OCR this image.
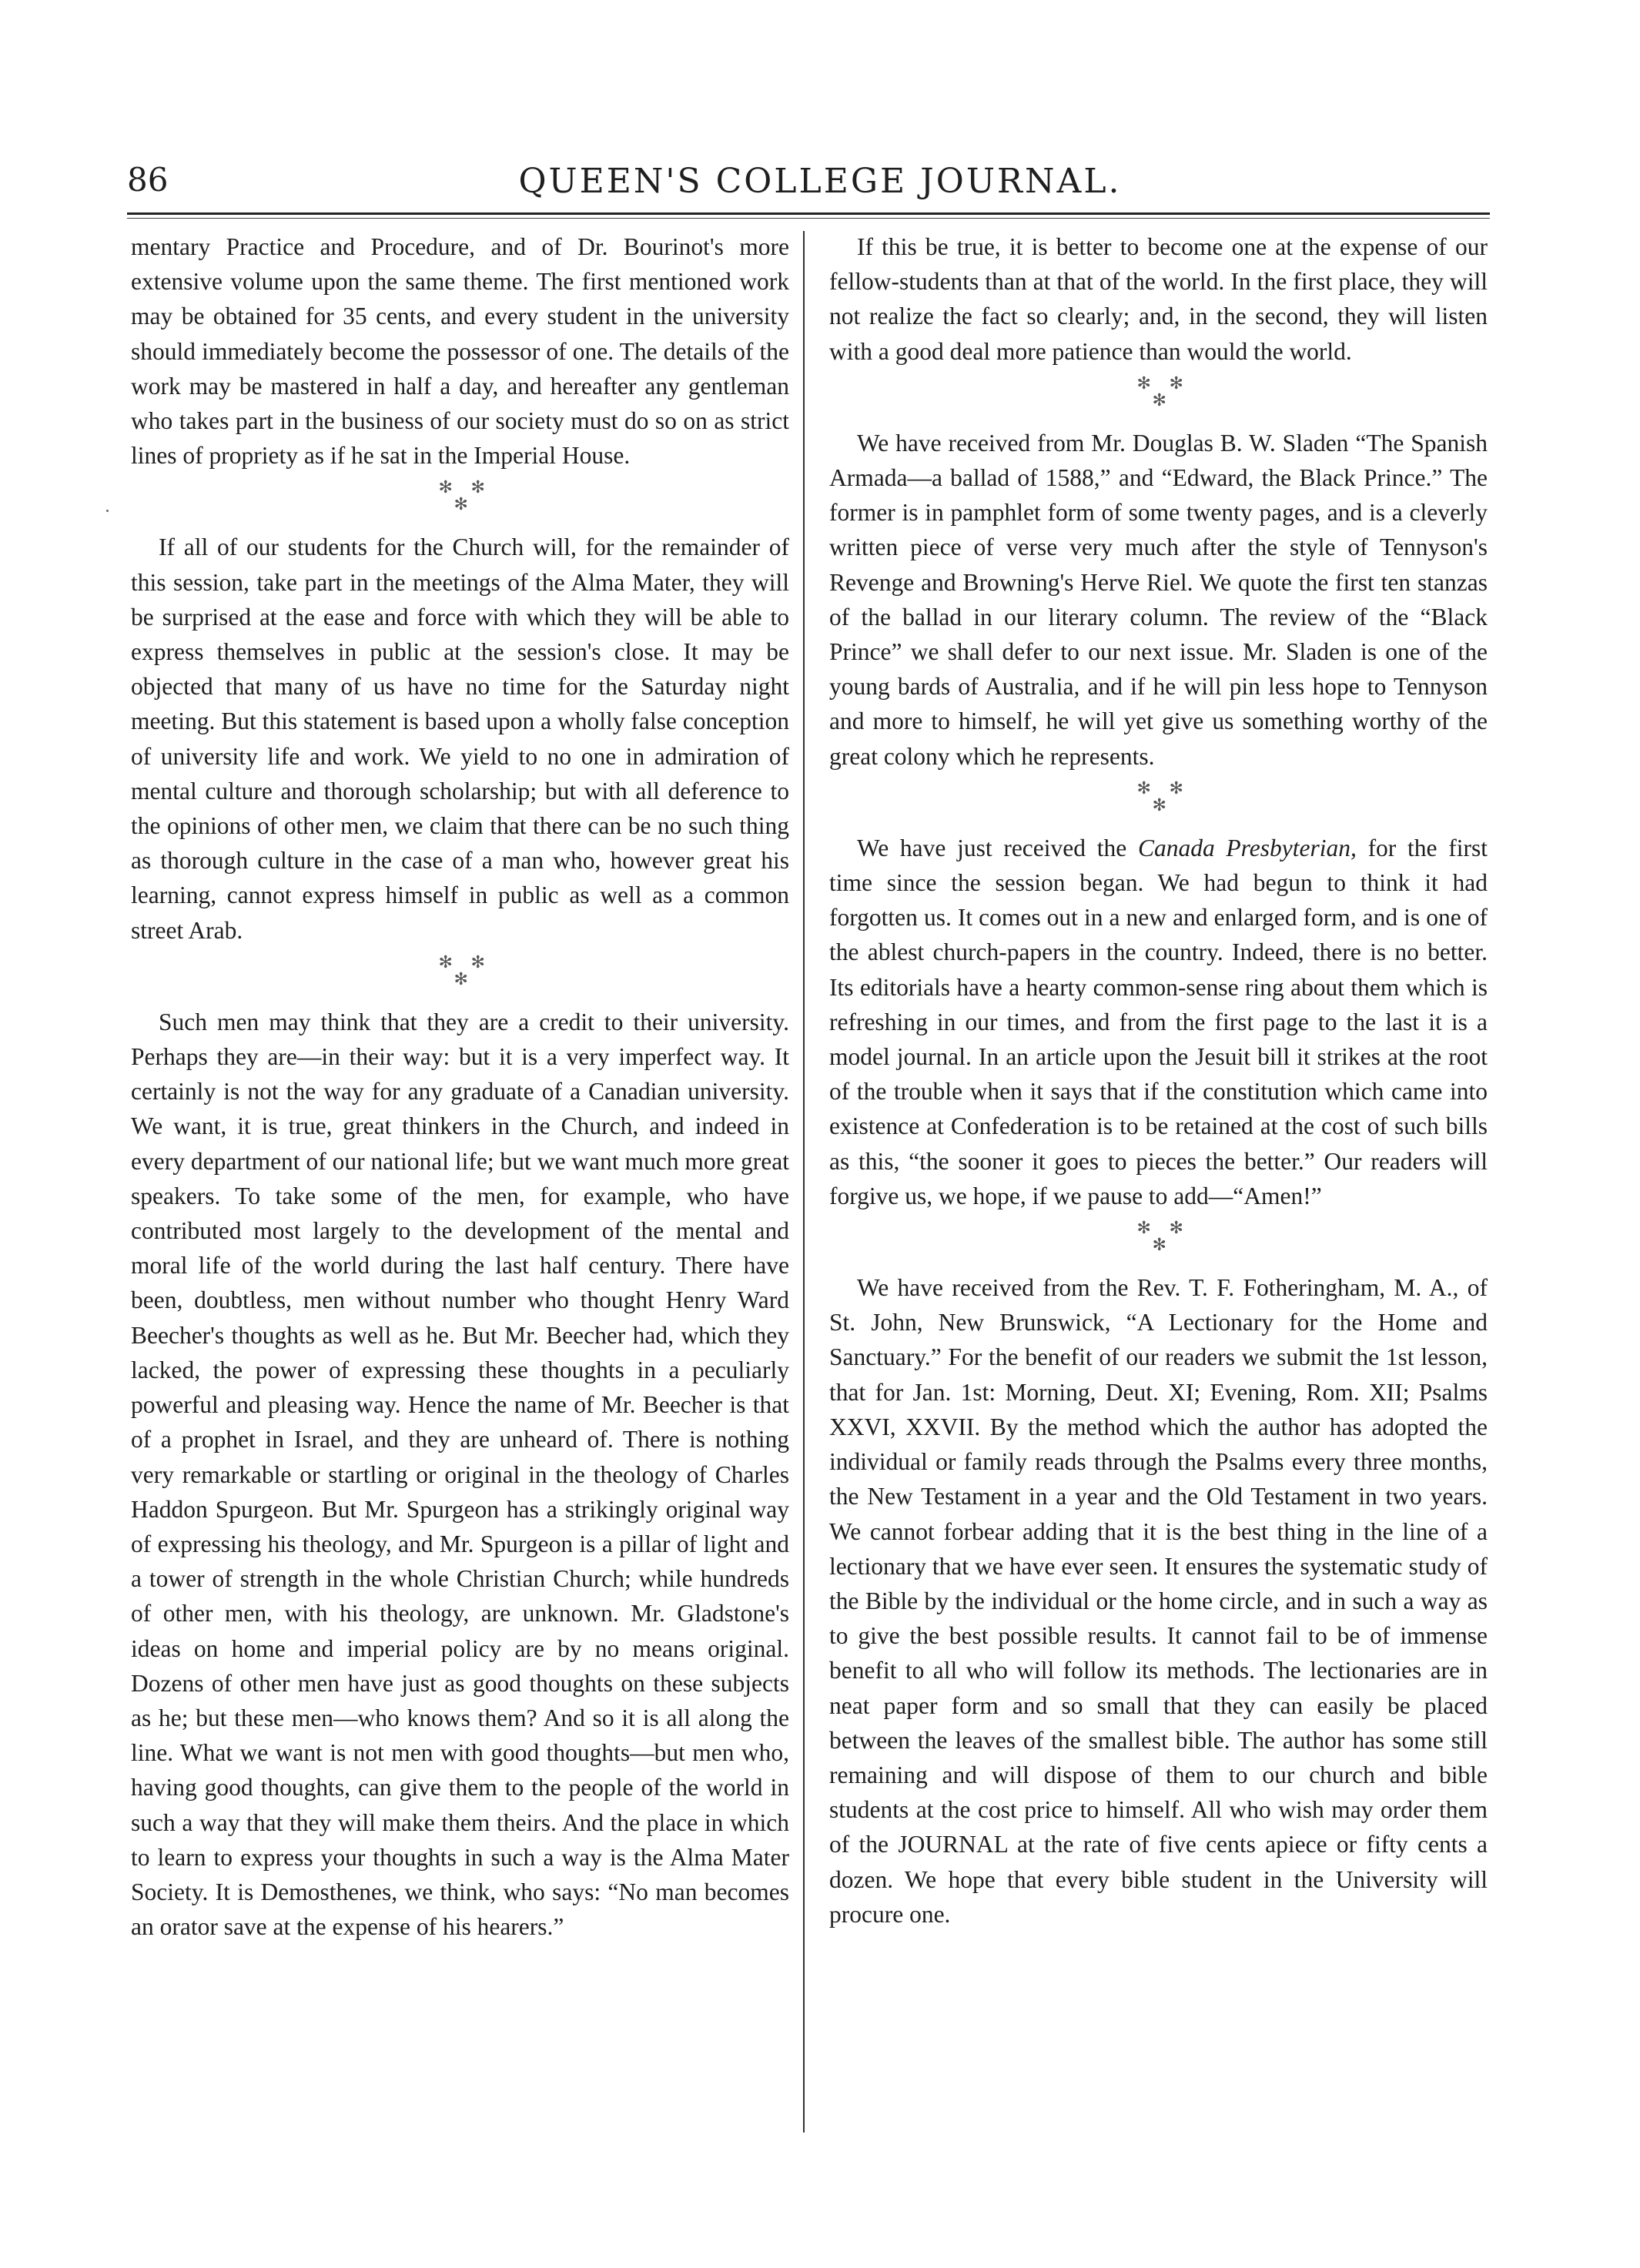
86	QUEEN'S COLLEGE JOURNAL.

mentary Practice and Procedure, and of Dr. Bourinot's more extensive volume upon the same theme. The first mentioned work may be obtained for 35 cents, and every student in the university should immediately become the possessor of one. The details of the work may be mastered in half a day, and hereafter any gentleman who takes part in the business of our society must do so on as strict lines of propriety as if he sat in the Imperial House.

✻ ✻
✻

If all of our students for the Church will, for the remainder of this session, take part in the meetings of the Alma Mater, they will be surprised at the ease and force with which they will be able to express themselves in public at the session's close. It may be objected that many of us have no time for the Saturday night meeting. But this statement is based upon a wholly false conception of university life and work. We yield to no one in admiration of mental culture and thorough scholarship; but with all deference to the opinions of other men, we claim that there can be no such thing as thorough culture in the case of a man who, however great his learning, cannot express himself in public as well as a common street Arab.

✻ ✻
✻

Such men may think that they are a credit to their university. Perhaps they are—in their way: but it is a very imperfect way. It certainly is not the way for any graduate of a Canadian university. We want, it is true, great thinkers in the Church, and indeed in every department of our national life; but we want much more great speakers. To take some of the men, for example, who have contributed most largely to the development of the mental and moral life of the world during the last half century. There have been, doubtless, men without number who thought Henry Ward Beecher's thoughts as well as he. But Mr. Beecher had, which they lacked, the power of expressing these thoughts in a peculiarly powerful and pleasing way. Hence the name of Mr. Beecher is that of a prophet in Israel, and they are unheard of. There is nothing very remarkable or startling or original in the theology of Charles Haddon Spurgeon. But Mr. Spurgeon has a strikingly original way of expressing his theology, and Mr. Spurgeon is a pillar of light and a tower of strength in the whole Christian Church; while hundreds of other men, with his theology, are unknown. Mr. Gladstone's ideas on home and imperial policy are by no means original. Dozens of other men have just as good thoughts on these subjects as he; but these men—who knows them? And so it is all along the line. What we want is not men with good thoughts—but men who, having good thoughts, can give them to the people of the world in such a way that they will make them theirs. And the place in which to learn to express your thoughts in such a way is the Alma Mater Society. It is Demosthenes, we think, who says: “No man becomes an orator save at the expense of his hearers.”

If this be true, it is better to become one at the expense of our fellow-students than at that of the world. In the first place, they will not realize the fact so clearly; and, in the second, they will listen with a good deal more patience than would the world.

✻ ✻
✻

We have received from Mr. Douglas B. W. Sladen “The Spanish Armada—a ballad of 1588,” and “Edward, the Black Prince.” The former is in pamphlet form of some twenty pages, and is a cleverly written piece of verse very much after the style of Tennyson's Revenge and Browning's Herve Riel. We quote the first ten stanzas of the ballad in our literary column. The review of the “Black Prince” we shall defer to our next issue. Mr. Sladen is one of the young bards of Australia, and if he will pin less hope to Tennyson and more to himself, he will yet give us something worthy of the great colony which he represents.

✻ ✻
✻

We have just received the Canada Presbyterian, for the first time since the session began. We had begun to think it had forgotten us. It comes out in a new and enlarged form, and is one of the ablest church-papers in the country. Indeed, there is no better. Its editorials have a hearty common-sense ring about them which is refreshing in our times, and from the first page to the last it is a model journal. In an article upon the Jesuit bill it strikes at the root of the trouble when it says that if the constitution which came into existence at Confederation is to be retained at the cost of such bills as this, “the sooner it goes to pieces the better.” Our readers will forgive us, we hope, if we pause to add—“Amen!”

✻ ✻
✻

We have received from the Rev. T. F. Fotheringham, M. A., of St. John, New Brunswick, “A Lectionary for the Home and Sanctuary.” For the benefit of our readers we submit the 1st lesson, that for Jan. 1st: Morning, Deut. XI; Evening, Rom. XII; Psalms XXVI, XXVII. By the method which the author has adopted the individual or family reads through the Psalms every three months, the New Testament in a year and the Old Testament in two years. We cannot forbear adding that it is the best thing in the line of a lectionary that we have ever seen. It ensures the systematic study of the Bible by the individual or the home circle, and in such a way as to give the best possible results. It cannot fail to be of immense benefit to all who will follow its methods. The lectionaries are in neat paper form and so small that they can easily be placed between the leaves of the smallest bible. The author has some still remaining and will dispose of them to our church and bible students at the cost price to himself. All who wish may order them of the JOURNAL at the rate of five cents apiece or fifty cents a dozen. We hope that every bible student in the University will procure one.
